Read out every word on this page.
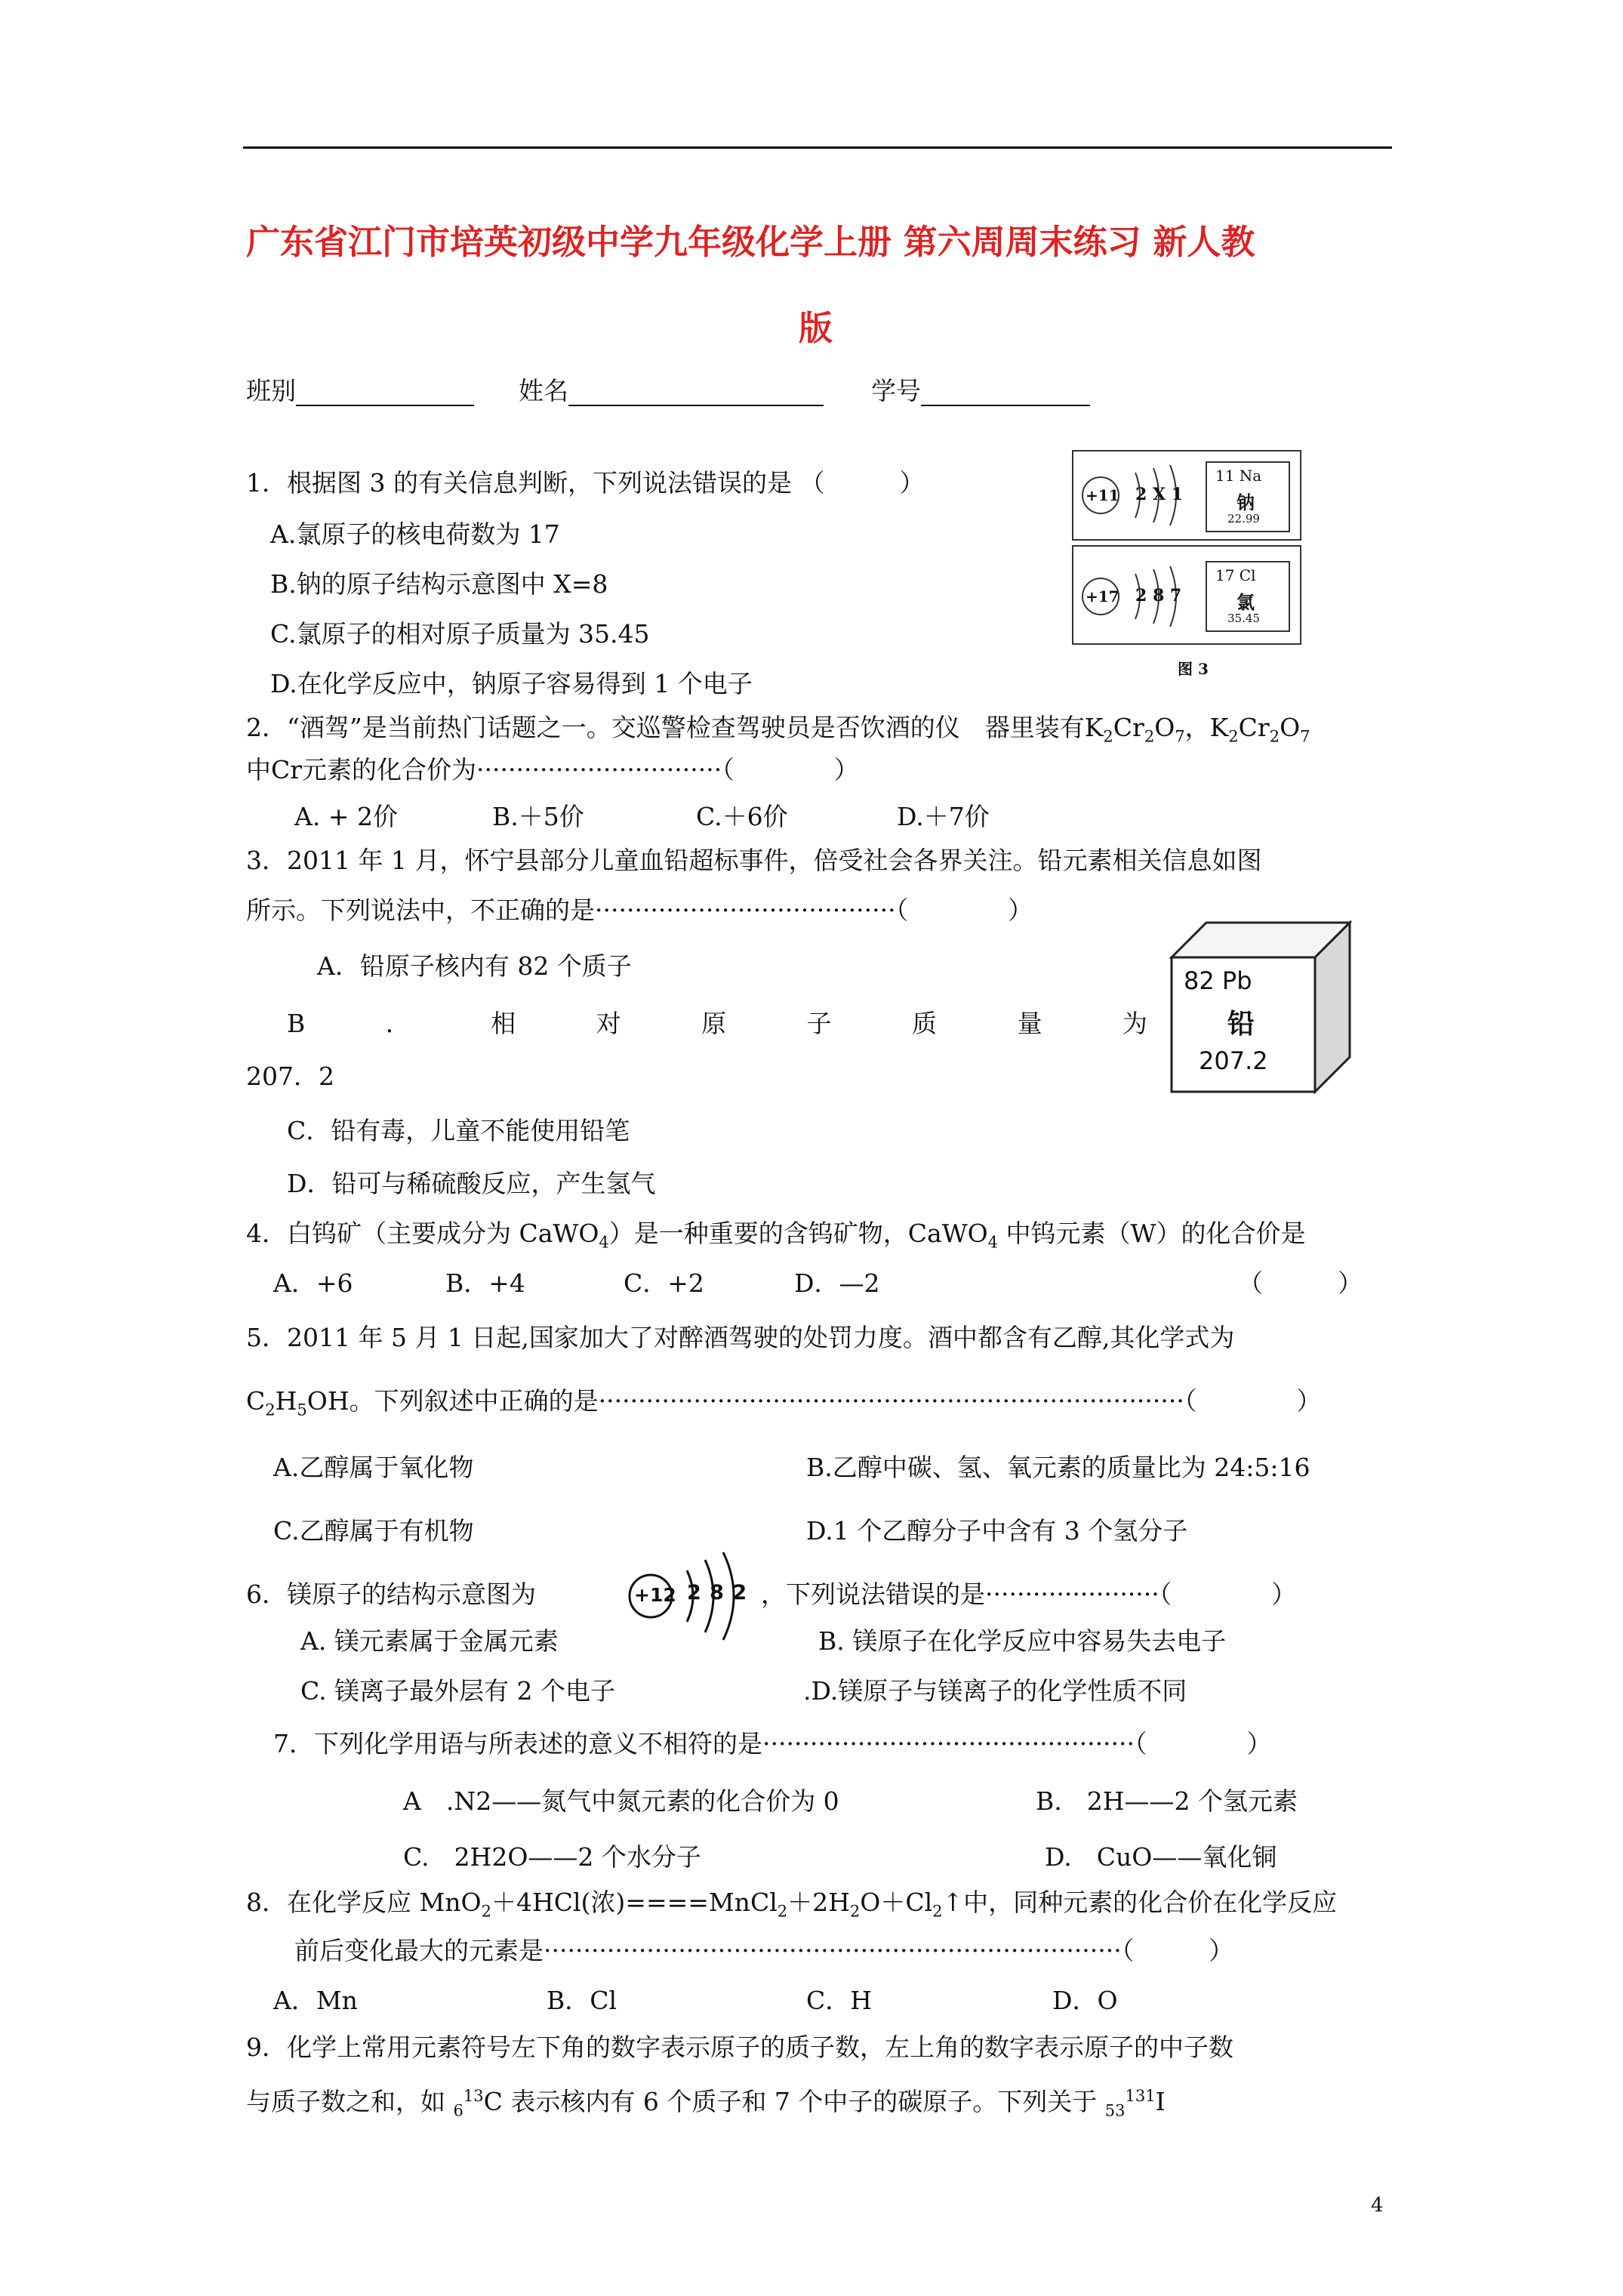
广东省江门市培英初级中学九年级化学上册 第六周周末练习 新人教
版
班别	姓名	学号
1．根据图 3 的有关信息判断，下列说法错误的是 （　　　）
A.氯原子的核电荷数为 17
B.钠的原子结构示意图中 X=8
C.氯原子的相对原子质量为 35.45
D.在化学反应中，钠原子容易得到 1 个电子
+11 2 X 1
11 Na
钠
22.99
+17 2 8 7
17 Cl
氯
35.45
图 3
2．“酒驾”是当前热门话题之一。交巡警检查驾驶员是否饮酒的仪　器里装有$K_2Cr_2O_7$，$K_2Cr_2O_7$
中Cr元素的化合价为·······························（　　　　）
A. + 2价	B.＋5价	C.＋6价	D.＋7价
3．2011 年 1 月，怀宁县部分儿童血铅超标事件，倍受社会各界关注。铅元素相关信息如图
所示。下列说法中，不正确的是······································（　　　　）
A．铅原子核内有 82 个质子
B	．	相	对	原	子	质	量	为
207．2
C．铅有毒，儿童不能使用铅笔
D．铅可与稀硫酸反应，产生氢气
82 Pb
铅
207.2
4．白钨矿（主要成分为 CaWO$_4$）是一种重要的含钨矿物，CaWO$_4$ 中钨元素（W）的化合价是
A．+6	B．+4	C．+2	D．—2	（　　　）
5．2011 年 5 月 1 日起,国家加大了对醉酒驾驶的处罚力度。酒中都含有乙醇,其化学式为
$C_2H_5OH$。下列叙述中正确的是··········································································（　　　　）
A.乙醇属于氧化物	B.乙醇中碳、氢、氧元素的质量比为 24:5:16
C.乙醇属于有机物	D.1 个乙醇分子中含有 3 个氢分子
6．镁原子的结构示意图为	+12 2 8 2 ，下列说法错误的是······················（　　　　）
A. 镁元素属于金属元素	B. 镁原子在化学反应中容易失去电子
C. 镁离子最外层有 2 个电子	.D.镁原子与镁离子的化学性质不同
7．下列化学用语与所表述的意义不相符的是···············································（　　　　）
A　.N2——氮气中氮元素的化合价为 0	B.　2H——2 个氢元素
C.　2H2O——2 个水分子	D.　CuO——氧化铜
8．在化学反应 MnO$_2$＋4HCl(浓)$====MnCl_2+2H_2O+Cl_2↑$中，同种元素的化合价在化学反应
前后变化最大的元素是·········································································（　　　）
A．Mn	B．Cl	C．H	D．O
9．化学上常用元素符号左下角的数字表示原子的质子数，左上角的数字表示原子的中子数
与质子数之和，如 $_6^{13}$C 表示核内有 6 个质子和 7 个中子的碳原子。下列关于 $_{53}^{131}$I
4
